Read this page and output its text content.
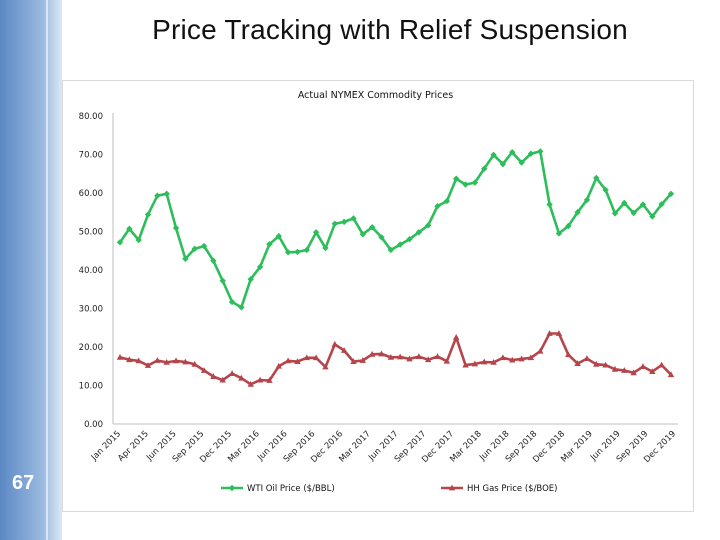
Price Tracking with Relief Suspension
67
Actual NYMEX Commodity Prices
80.00
70.00
60.00
50.00
40.00
30.00
20.00
10.00
0.00
Jan 2015
Apr 2015
Jun 2015
Sep 2015
Dec 2015
Mar 2016
Jun 2016
Sep 2016
Dec 2016
Mar 2017
Jun 2017
Sep 2017
Dec 2017
Mar 2018
Jun 2018
Sep 2018
Dec 2018
Mar 2019
Jun 2019
Sep 2019
Dec 2019
WTI Oil Price ($/BBL)	HH Gas Price ($/BOE)
